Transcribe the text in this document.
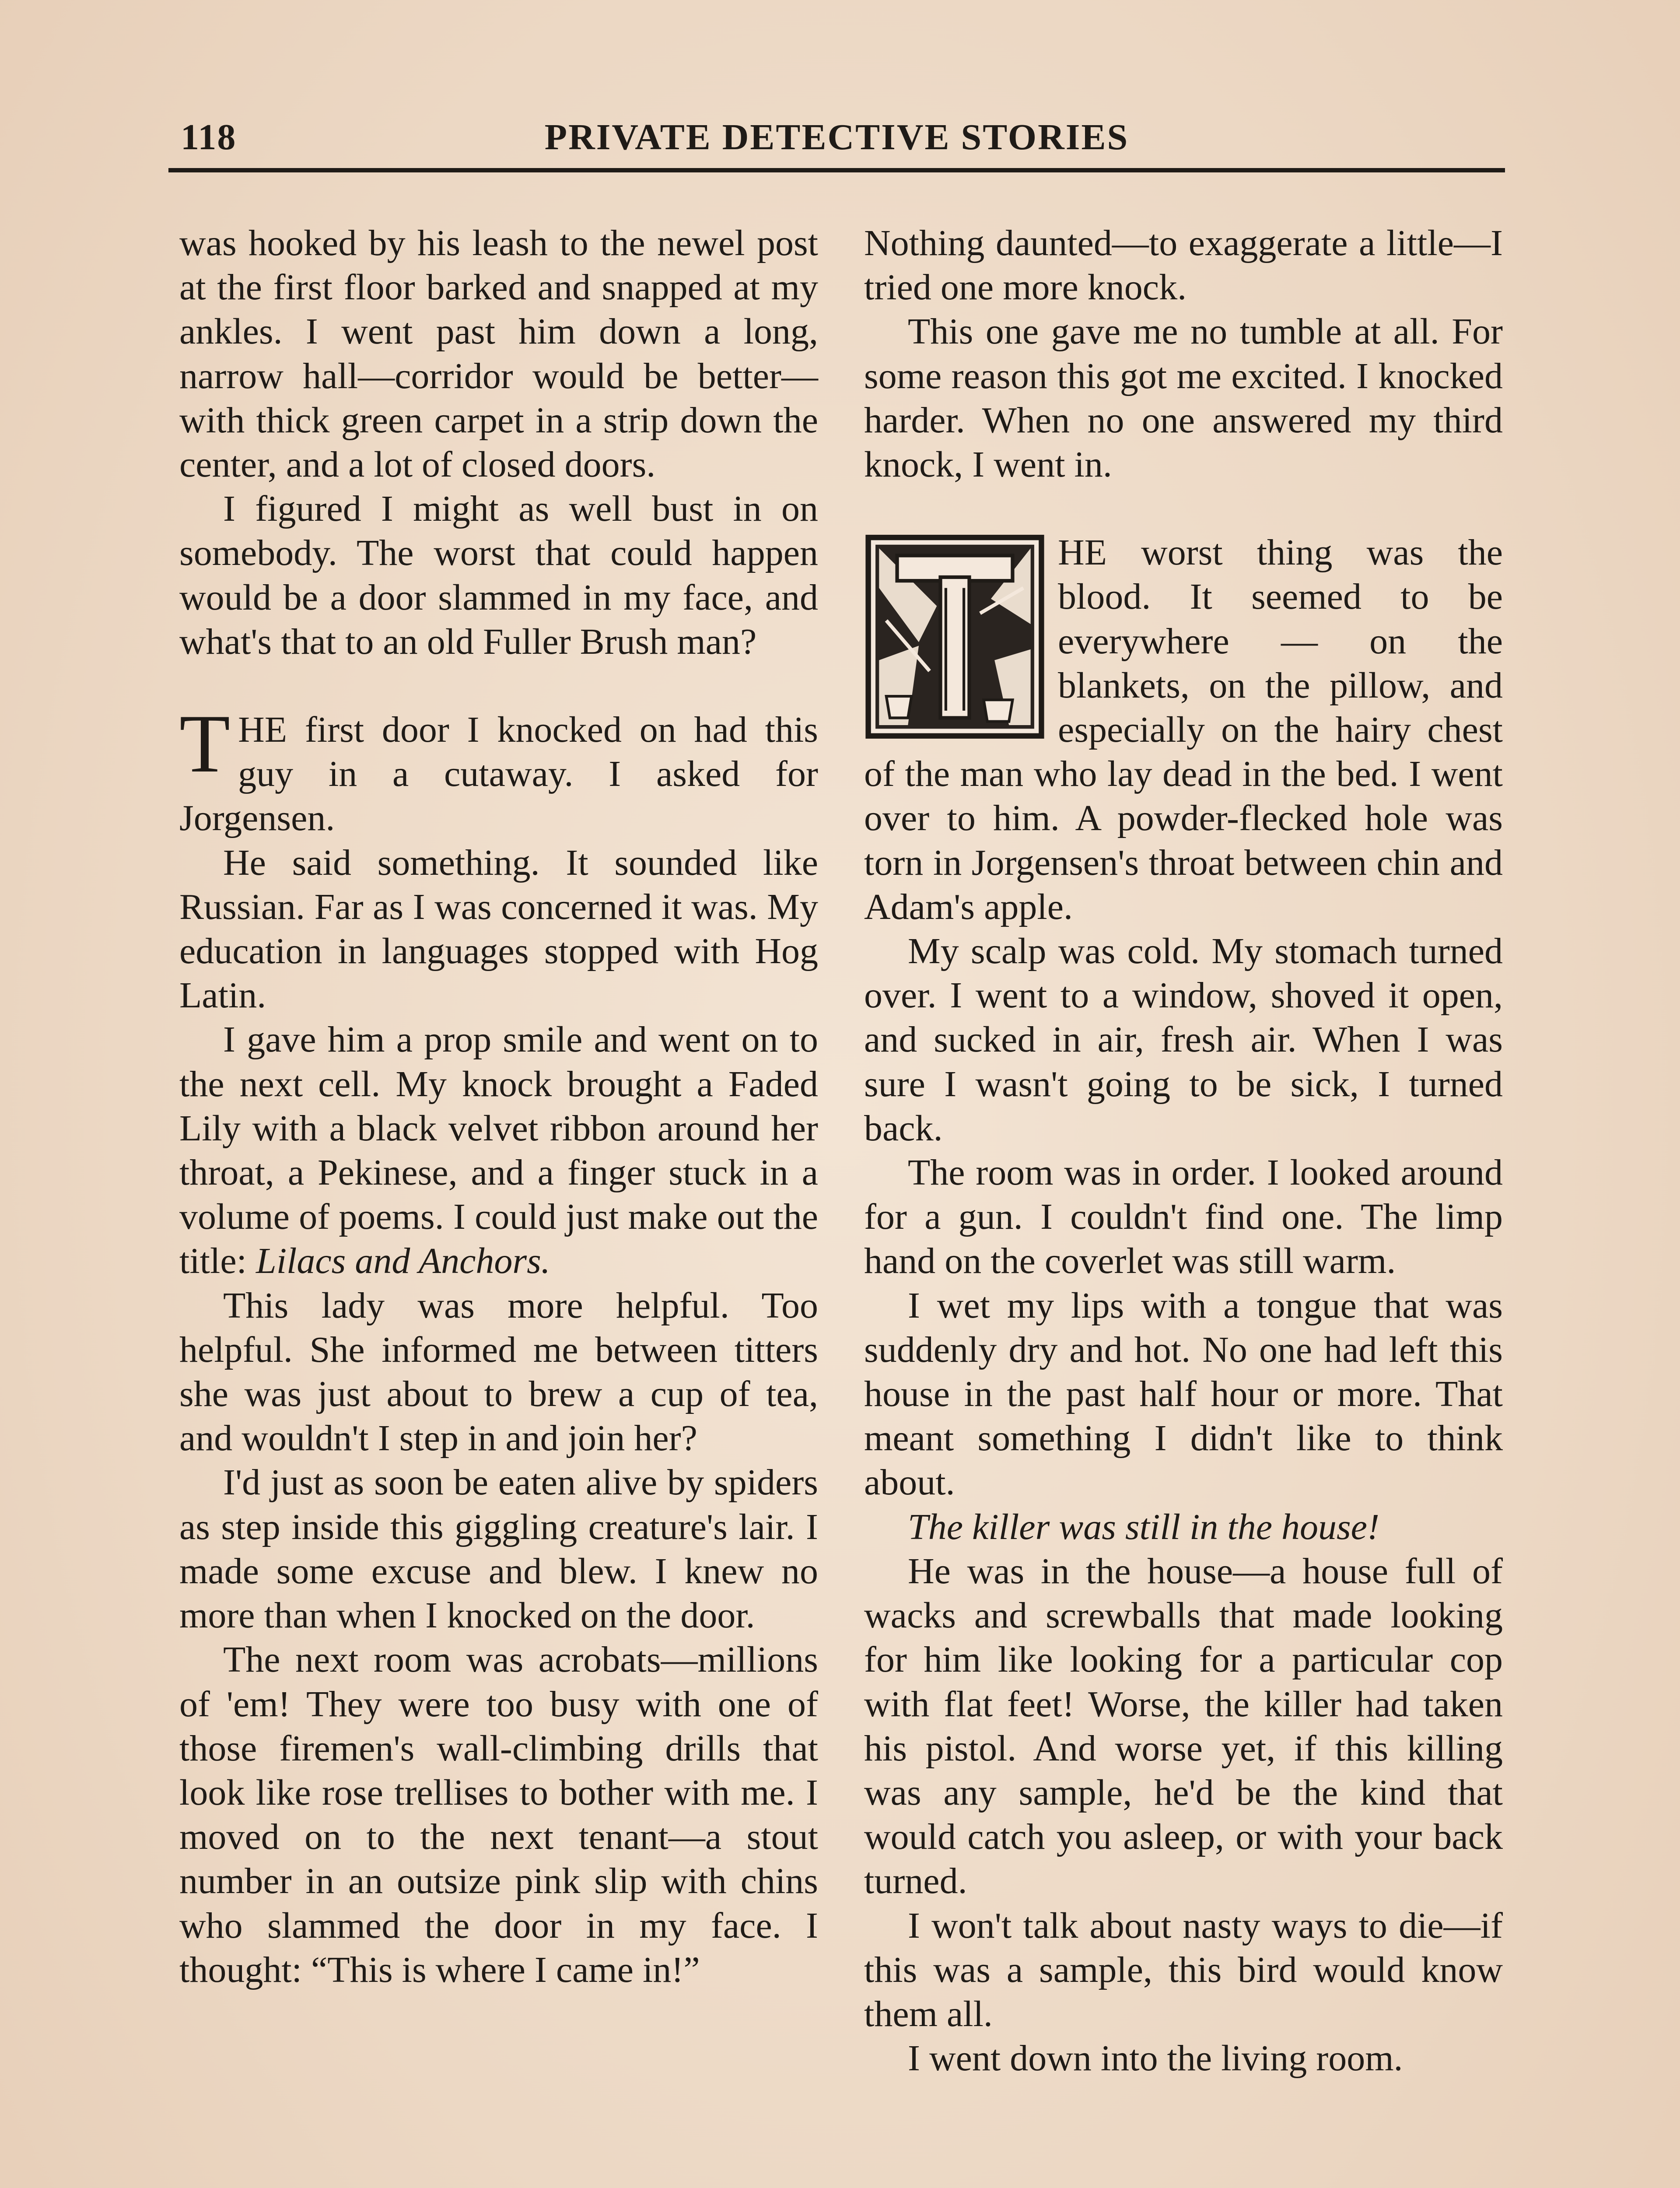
118	PRIVATE DETECTIVE STORIES

was hooked by his leash to the newel post at the first floor barked and snapped at my ankles. I went past him down a long, narrow hall—corridor would be better—with thick green carpet in a strip down the center, and a lot of closed doors.

I figured I might as well bust in on somebody. The worst that could happen would be a door slammed in my face, and what's that to an old Fuller Brush man?

THE first door I knocked on had this guy in a cutaway. I asked for Jorgensen.

He said something. It sounded like Russian. Far as I was concerned it was. My education in languages stopped with Hog Latin.

I gave him a prop smile and went on to the next cell. My knock brought a Faded Lily with a black velvet ribbon around her throat, a Pekinese, and a finger stuck in a volume of poems. I could just make out the title: Lilacs and Anchors.

This lady was more helpful. Too helpful. She informed me between titters she was just about to brew a cup of tea, and wouldn't I step in and join her?

I'd just as soon be eaten alive by spiders as step inside this giggling creature's lair. I made some excuse and blew. I knew no more than when I knocked on the door.

The next room was acrobats—millions of 'em! They were too busy with one of those firemen's wall-climbing drills that look like rose trellises to bother with me. I moved on to the next tenant—a stout number in an outsize pink slip with chins who slammed the door in my face. I thought: “This is where I came in!”

Nothing daunted—to exaggerate a little—I tried one more knock.

This one gave me no tumble at all. For some reason this got me excited. I knocked harder. When no one answered my third knock, I went in.

HE worst thing was the blood. It seemed to be everywhere — on the blankets, on the pillow, and especially on the hairy chest of the man who lay dead in the bed. I went over to him. A powder-flecked hole was torn in Jorgensen's throat between chin and Adam's apple.

My scalp was cold. My stomach turned over. I went to a window, shoved it open, and sucked in air, fresh air. When I was sure I wasn't going to be sick, I turned back.

The room was in order. I looked around for a gun. I couldn't find one. The limp hand on the coverlet was still warm.

I wet my lips with a tongue that was suddenly dry and hot. No one had left this house in the past half hour or more. That meant something I didn't like to think about.

The killer was still in the house!

He was in the house—a house full of wacks and screwballs that made looking for him like looking for a particular cop with flat feet! Worse, the killer had taken his pistol. And worse yet, if this killing was any sample, he'd be the kind that would catch you asleep, or with your back turned.

I won't talk about nasty ways to die—if this was a sample, this bird would know them all.

I went down into the living room.
